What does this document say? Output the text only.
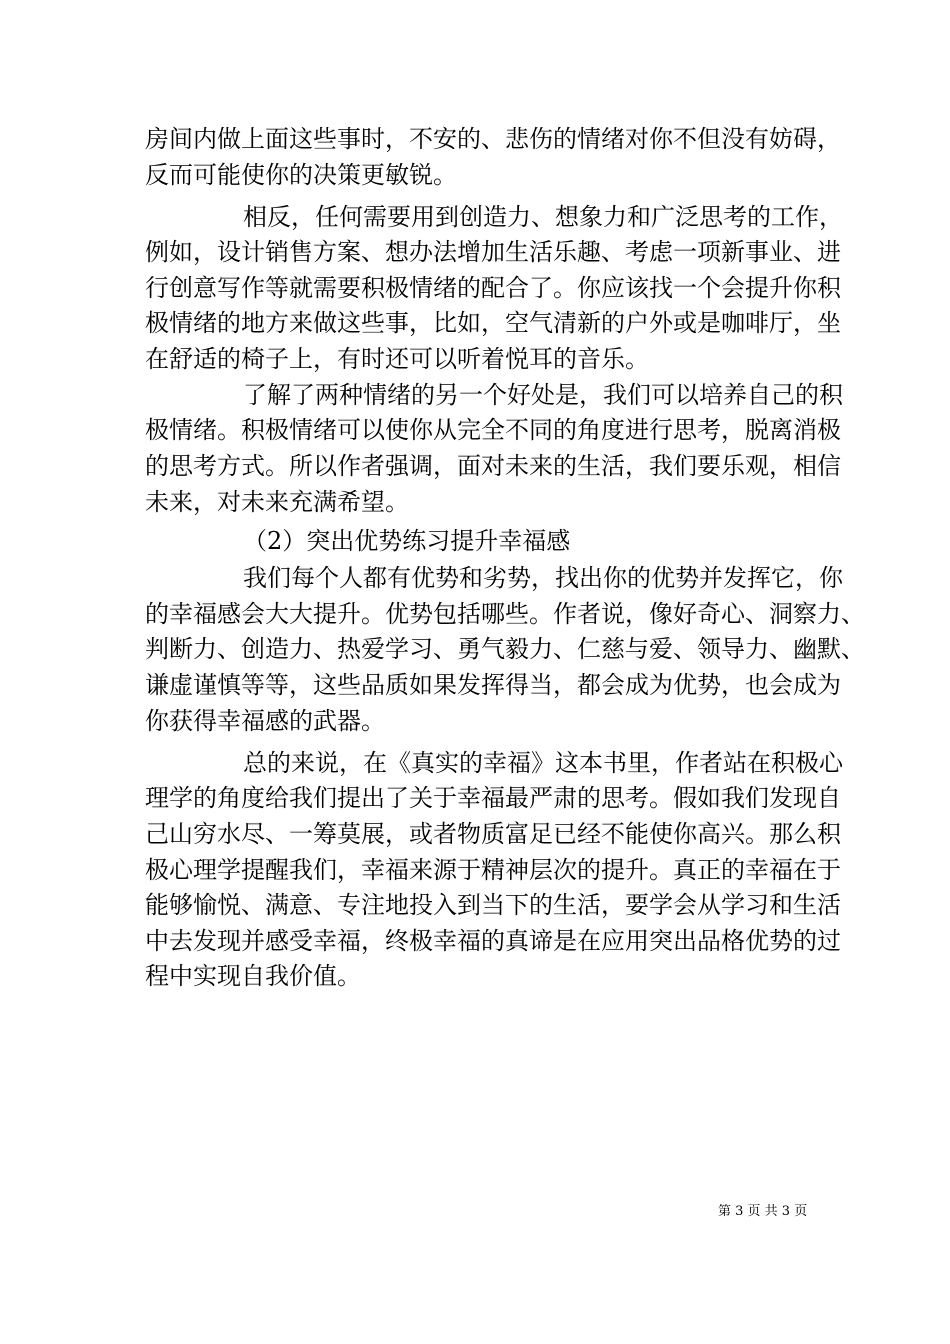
房间内做上面这些事时，不安的、悲伤的情绪对你不但没有妨碍，
反而可能使你的决策更敏锐。
相反，任何需要用到创造力、想象力和广泛思考的工作，
例如，设计销售方案、想办法增加生活乐趣、考虑一项新事业、进
行创意写作等就需要积极情绪的配合了。你应该找一个会提升你积
极情绪的地方来做这些事，比如，空气清新的户外或是咖啡厅，坐
在舒适的椅子上，有时还可以听着悦耳的音乐。
了解了两种情绪的另一个好处是，我们可以培养自己的积
极情绪。积极情绪可以使你从完全不同的角度进行思考，脱离消极
的思考方式。所以作者强调，面对未来的生活，我们要乐观，相信
未来，对未来充满希望。
（2）突出优势练习提升幸福感
我们每个人都有优势和劣势，找出你的优势并发挥它，你
的幸福感会大大提升。优势包括哪些。作者说，像好奇心、洞察力、
判断力、创造力、热爱学习、勇气毅力、仁慈与爱、领导力、幽默、
谦虚谨慎等等，这些品质如果发挥得当，都会成为优势，也会成为
你获得幸福感的武器。
总的来说，在《真实的幸福》这本书里，作者站在积极心
理学的角度给我们提出了关于幸福最严肃的思考。假如我们发现自
己山穷水尽、一筹莫展，或者物质富足已经不能使你高兴。那么积
极心理学提醒我们，幸福来源于精神层次的提升。真正的幸福在于
能够愉悦、满意、专注地投入到当下的生活，要学会从学习和生活
中去发现并感受幸福，终极幸福的真谛是在应用突出品格优势的过
程中实现自我价值。
第 3 页 共 3 页
